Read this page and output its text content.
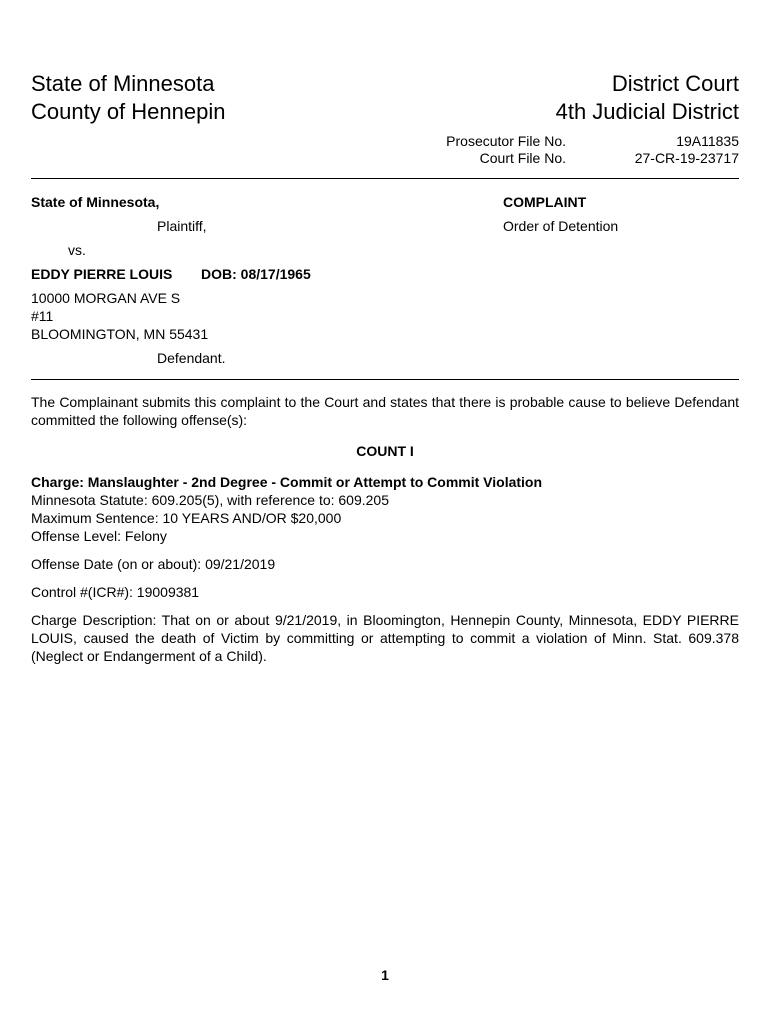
State of Minnesota
County of Hennepin
District Court
4th Judicial District
Prosecutor File No.	19A11835
Court File No.	27-CR-19-23717
State of Minnesota,
Plaintiff,
vs.
EDDY PIERRE LOUIS DOB: 08/17/1965
10000 MORGAN AVE S
#11
BLOOMINGTON, MN 55431
Defendant.
COMPLAINT
Order of Detention
The Complainant submits this complaint to the Court and states that there is probable cause to believe Defendant committed the following offense(s):
COUNT I
Charge: Manslaughter - 2nd Degree - Commit or Attempt to Commit Violation
Minnesota Statute: 609.205(5), with reference to: 609.205
Maximum Sentence: 10 YEARS AND/OR $20,000
Offense Level: Felony
Offense Date (on or about): 09/21/2019
Control #(ICR#): 19009381
Charge Description: That on or about 9/21/2019, in Bloomington, Hennepin County, Minnesota, EDDY PIERRE LOUIS, caused the death of Victim by committing or attempting to commit a violation of Minn. Stat. 609.378 (Neglect or Endangerment of a Child).
1
